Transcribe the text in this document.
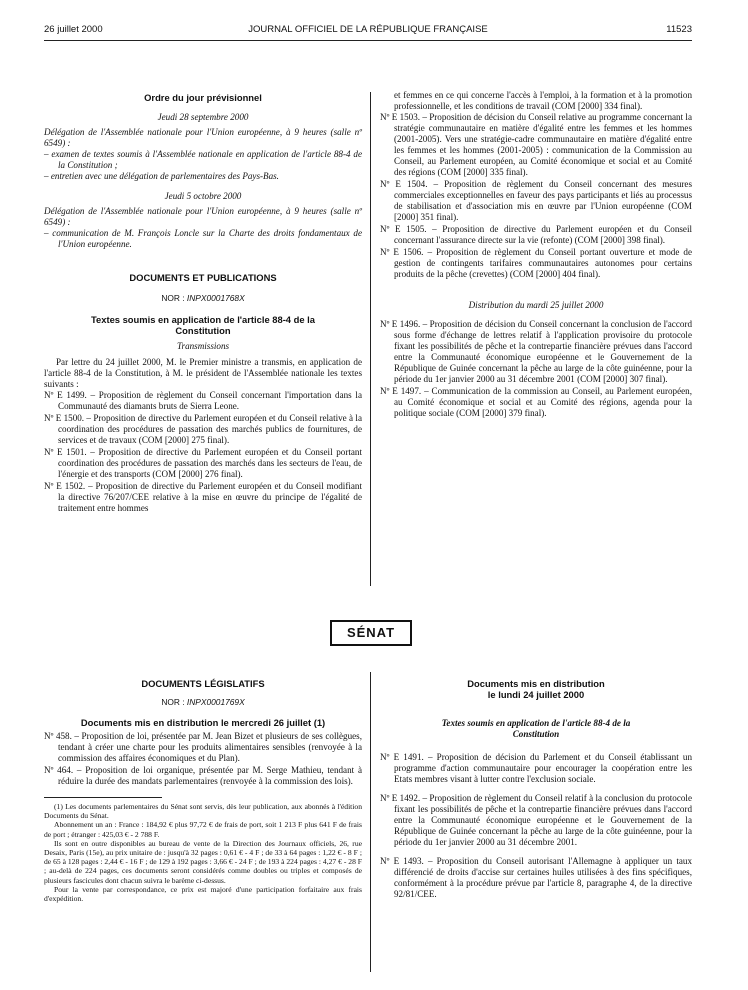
26 juillet 2000	JOURNAL OFFICIEL DE LA RÉPUBLIQUE FRANÇAISE	11523

Ordre du jour prévisionnel

Jeudi 28 septembre 2000

Délégation de l'Assemblée nationale pour l'Union européenne, à 9 heures (salle nº 6549) :

– examen de textes soumis à l'Assemblée nationale en application de l'article 88-4 de la Constitution ;

– entretien avec une délégation de parlementaires des Pays-Bas.

Jeudi 5 octobre 2000

Délégation de l'Assemblée nationale pour l'Union européenne, à 9 heures (salle nº 6549) :

– communication de M. François Loncle sur la Charte des droits fondamentaux de l'Union européenne.

DOCUMENTS ET PUBLICATIONS

NOR : INPX0001768X

Textes soumis en application de l'article 88-4 de la Constitution

Transmissions

Par lettre du 24 juillet 2000, M. le Premier ministre a transmis, en application de l'article 88-4 de la Constitution, à M. le président de l'Assemblée nationale les textes suivants :

Nº E 1499. – Proposition de règlement du Conseil concernant l'importation dans la Communauté des diamants bruts de Sierra Leone.

Nº E 1500. – Proposition de directive du Parlement européen et du Conseil relative à la coordination des procédures de passation des marchés publics de fournitures, de services et de travaux (COM [2000] 275 final).

Nº E 1501. – Proposition de directive du Parlement européen et du Conseil portant coordination des procédures de passation des marchés dans les secteurs de l'eau, de l'énergie et des transports (COM [2000] 276 final).

Nº E 1502. – Proposition de directive du Parlement européen et du Conseil modifiant la directive 76/207/CEE relative à la mise en œuvre du principe de l'égalité de traitement entre hommes

et femmes en ce qui concerne l'accès à l'emploi, à la formation et à la promotion professionnelle, et les conditions de travail (COM [2000] 334 final).

Nº E 1503. – Proposition de décision du Conseil relative au programme concernant la stratégie communautaire en matière d'égalité entre les femmes et les hommes (2001-2005). Vers une stratégie-cadre communautaire en matière d'égalité entre les femmes et les hommes (2001-2005) : communication de la Commission au Conseil, au Parlement européen, au Comité économique et social et au Comité des régions (COM [2000] 335 final).

Nº E 1504. – Proposition de règlement du Conseil concernant des mesures commerciales exceptionnelles en faveur des pays participants et liés au processus de stabilisation et d'association mis en œuvre par l'Union européenne (COM [2000] 351 final).

Nº E 1505. – Proposition de directive du Parlement européen et du Conseil concernant l'assurance directe sur la vie (refonte) (COM [2000] 398 final).

Nº E 1506. – Proposition de règlement du Conseil portant ouverture et mode de gestion de contingents tarifaires communautaires autonomes pour certains produits de la pêche (crevettes) (COM [2000] 404 final).

Distribution du mardi 25 juillet 2000

Nº E 1496. – Proposition de décision du Conseil concernant la conclusion de l'accord sous forme d'échange de lettres relatif à l'application provisoire du protocole fixant les possibilités de pêche et la contrepartie financière prévues dans l'accord entre la Communauté économique européenne et le Gouvernement de la République de Guinée concernant la pêche au large de la côte guinéenne, pour la période du 1er janvier 2000 au 31 décembre 2001 (COM [2000] 307 final).

Nº E 1497. – Communication de la commission au Conseil, au Parlement européen, au Comité économique et social et au Comité des régions, agenda pour la politique sociale (COM [2000] 379 final).

SÉNAT

DOCUMENTS LÉGISLATIFS

NOR : INPX0001769X

Documents mis en distribution le mercredi 26 juillet (1)

Nº 458. – Proposition de loi, présentée par M. Jean Bizet et plusieurs de ses collègues, tendant à créer une charte pour les produits alimentaires sensibles (renvoyée à la commission des affaires économiques et du Plan).

Nº 464. – Proposition de loi organique, présentée par M. Serge Mathieu, tendant à réduire la durée des mandats parlementaires (renvoyée à la commission des lois).

(1) Les documents parlementaires du Sénat sont servis, dès leur publication, aux abonnés à l'édition Documents du Sénat.

Abonnement un an : France : 184,92 € plus 97,72 € de frais de port, soit 1 213 F plus 641 F de frais de port ; étranger : 425,03 € - 2 788 F.

Ils sont en outre disponibles au bureau de vente de la Direction des Journaux officiels, 26, rue Desaix, Paris (15e), au prix unitaire de : jusqu'à 32 pages : 0,61 € - 4 F ; de 33 à 64 pages : 1,22 € - 8 F ; de 65 à 128 pages : 2,44 € - 16 F ; de 129 à 192 pages : 3,66 € - 24 F ; de 193 à 224 pages : 4,27 € - 28 F ; au-delà de 224 pages, ces documents seront considérés comme doubles ou triples et composés de plusieurs fascicules dont chacun suivra le barème ci-dessus.

Pour la vente par correspondance, ce prix est majoré d'une participation forfaitaire aux frais d'expédition.

Documents mis en distribution

le lundi 24 juillet 2000

Textes soumis en application de l'article 88-4 de la Constitution

Nº E 1491. – Proposition de décision du Parlement et du Conseil établissant un programme d'action communautaire pour encourager la coopération entre les Etats membres visant à lutter contre l'exclusion sociale.

Nº E 1492. – Proposition de règlement du Conseil relatif à la conclusion du protocole fixant les possibilités de pêche et la contrepartie financière prévues dans l'accord entre la Communauté économique européenne et le Gouvernement de la République de Guinée concernant la pêche au large de la côte guinéenne, pour la période du 1er janvier 2000 au 31 décembre 2001.

Nº E 1493. – Proposition du Conseil autorisant l'Allemagne à appliquer un taux différencié de droits d'accise sur certaines huiles utilisées à des fins spécifiques, conformément à la procédure prévue par l'article 8, paragraphe 4, de la directive 92/81/CEE.
